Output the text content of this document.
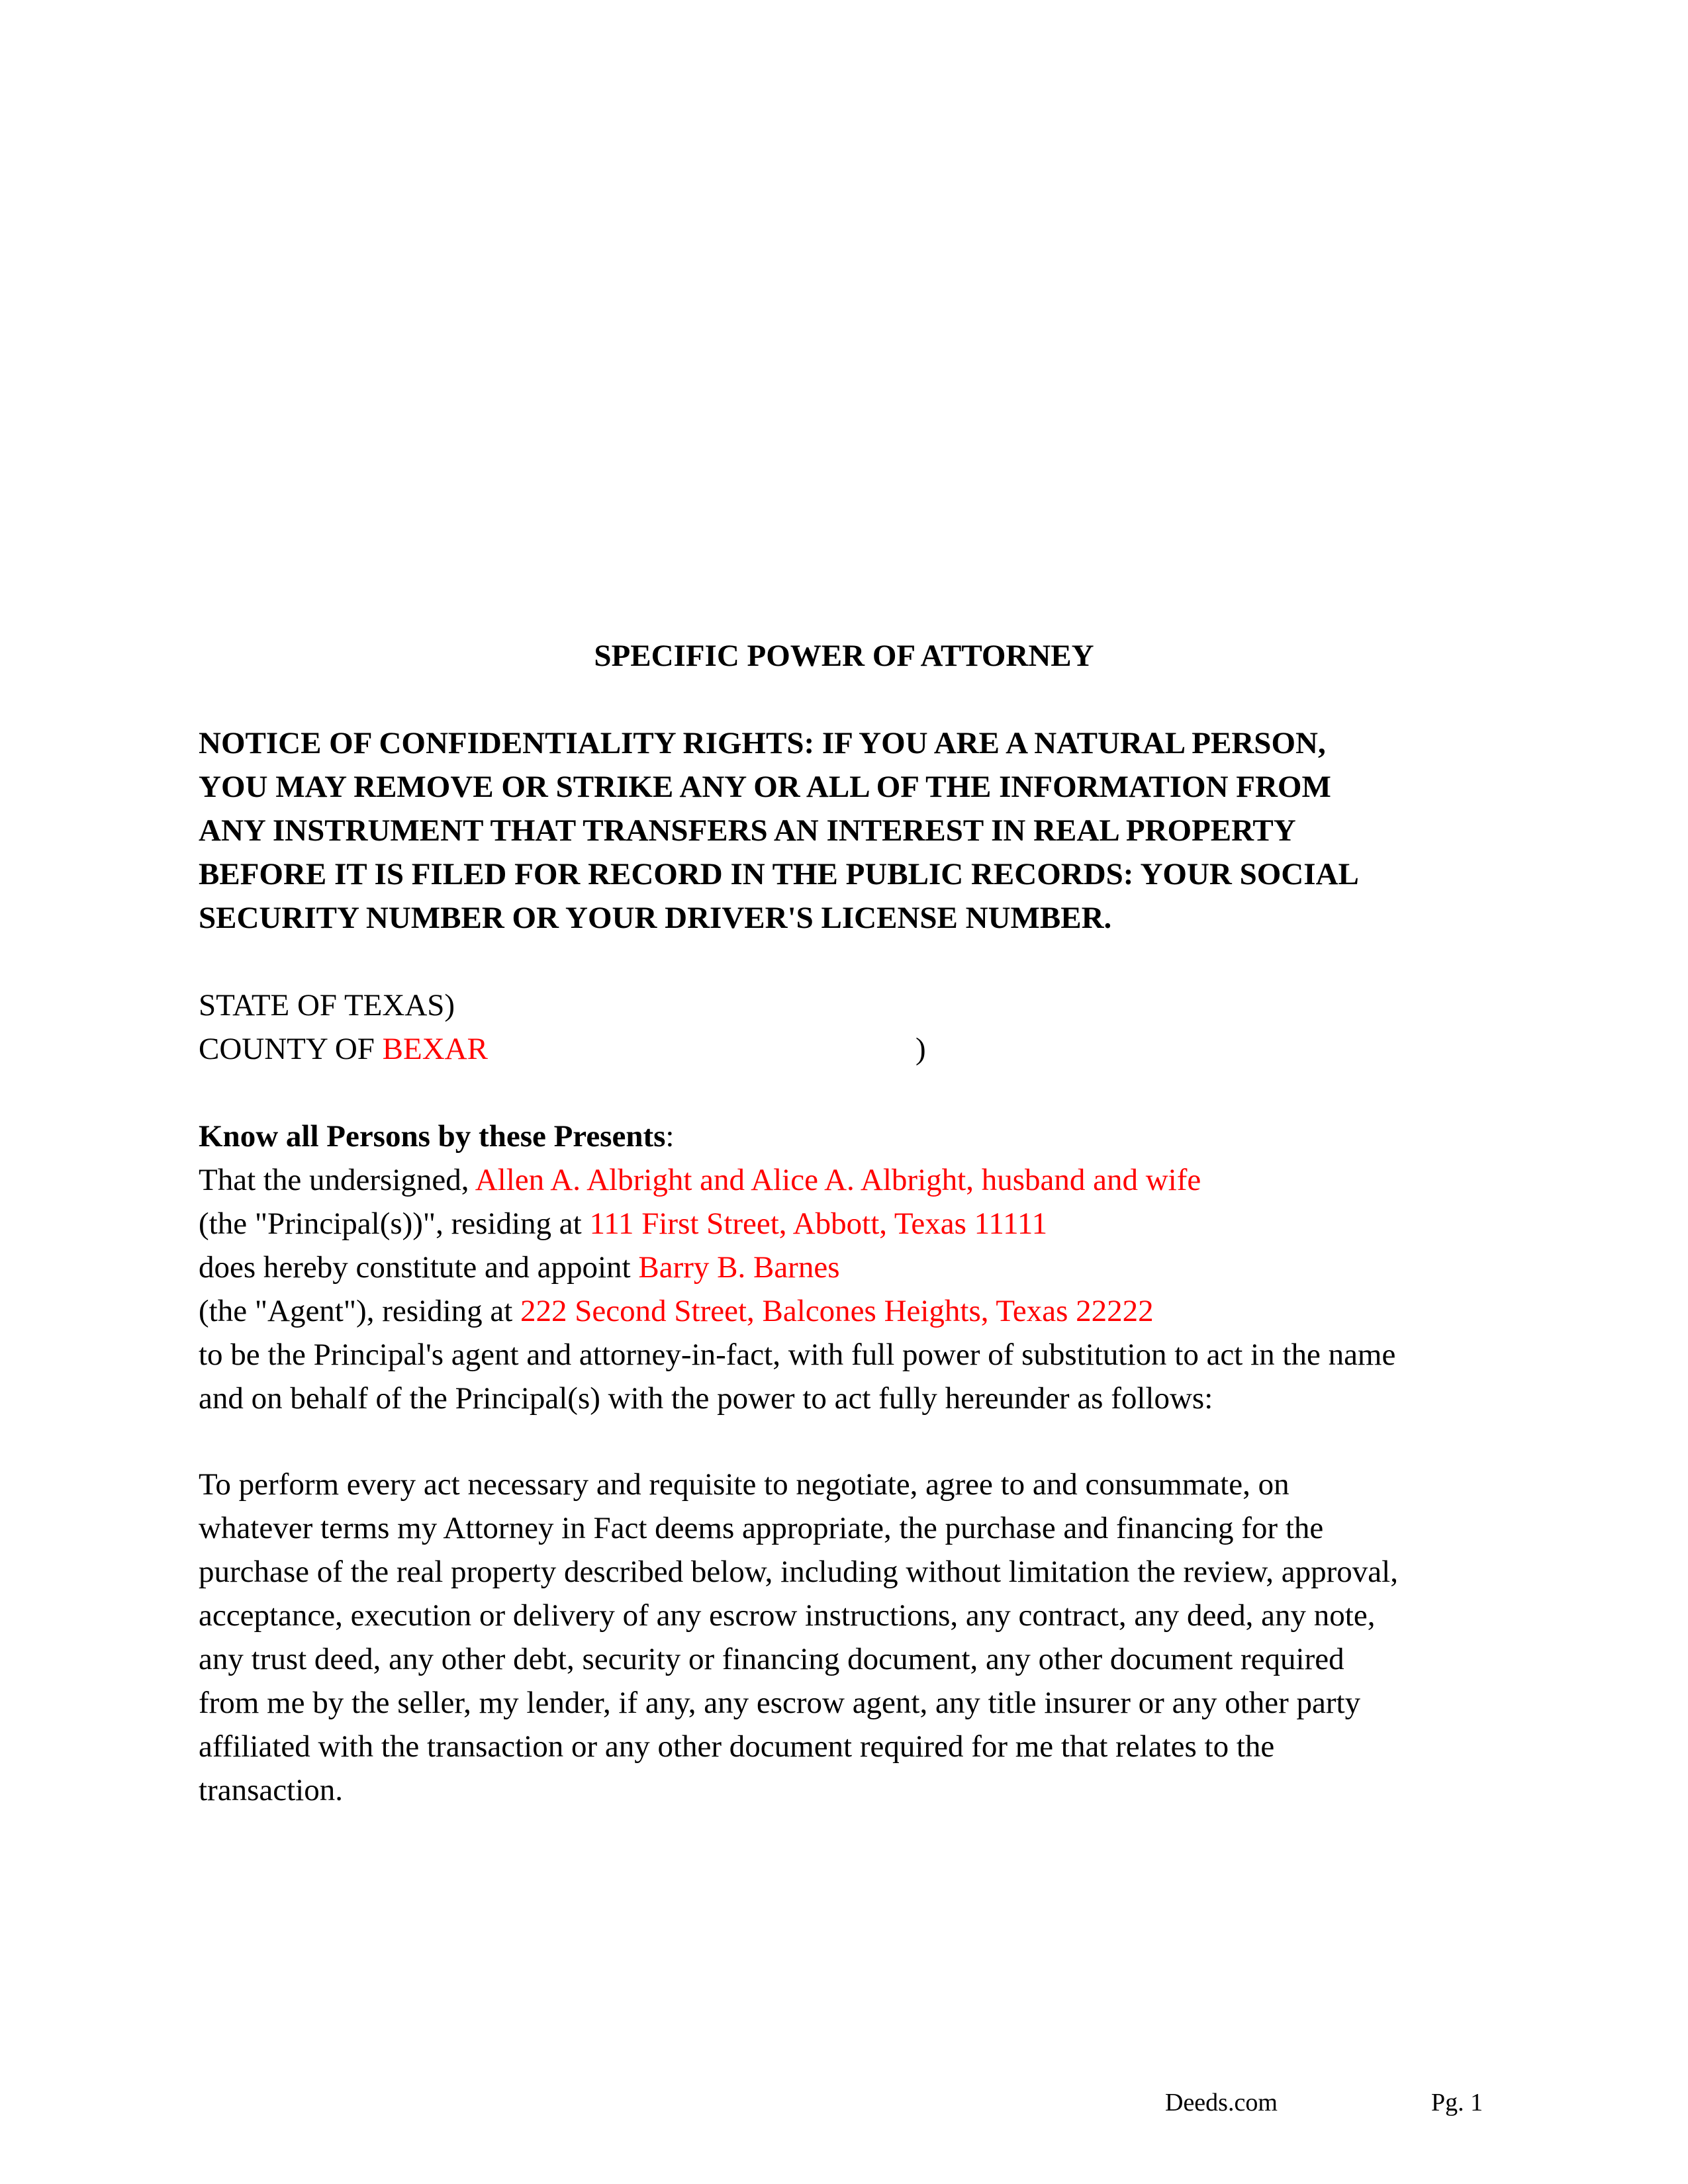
SPECIFIC POWER OF ATTORNEY
NOTICE OF CONFIDENTIALITY RIGHTS: IF YOU ARE A NATURAL PERSON,
YOU MAY REMOVE OR STRIKE ANY OR ALL OF THE INFORMATION FROM
ANY INSTRUMENT THAT TRANSFERS AN INTEREST IN REAL PROPERTY
BEFORE IT IS FILED FOR RECORD IN THE PUBLIC RECORDS: YOUR SOCIAL
SECURITY NUMBER OR YOUR DRIVER'S LICENSE NUMBER.
STATE OF TEXAS)
COUNTY OF BEXAR	)
Know all Persons by these Presents:
That the undersigned, Allen A. Albright and Alice A. Albright, husband and wife
(the "Principal(s))", residing at 111 First Street, Abbott, Texas 11111
does hereby constitute and appoint Barry B. Barnes
(the "Agent"), residing at 222 Second Street, Balcones Heights, Texas 22222
to be the Principal's agent and attorney-in-fact, with full power of substitution to act in the name
and on behalf of the Principal(s) with the power to act fully hereunder as follows:
To perform every act necessary and requisite to negotiate, agree to and consummate, on
whatever terms my Attorney in Fact deems appropriate, the purchase and financing for the
purchase of the real property described below, including without limitation the review, approval,
acceptance, execution or delivery of any escrow instructions, any contract, any deed, any note,
any trust deed, any other debt, security or financing document, any other document required
from me by the seller, my lender, if any, any escrow agent, any title insurer or any other party
affiliated with the transaction or any other document required for me that relates to the
transaction.
Deeds.com	Pg. 1
